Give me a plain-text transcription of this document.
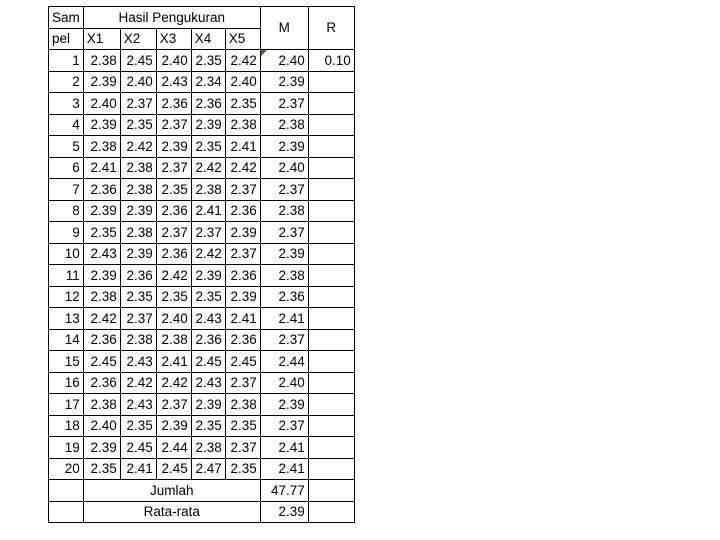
Sam	Hasil Pengukuran					M	R
pel	X1	X2	X3	X4	X5		
1	2.38	2.45	2.40	2.35	2.42	2.40	0.10
2	2.39	2.40	2.43	2.34	2.40	2.39	
3	2.40	2.37	2.36	2.36	2.35	2.37	
4	2.39	2.35	2.37	2.39	2.38	2.38	
5	2.38	2.42	2.39	2.35	2.41	2.39	
6	2.41	2.38	2.37	2.42	2.42	2.40	
7	2.36	2.38	2.35	2.38	2.37	2.37	
8	2.39	2.39	2.36	2.41	2.36	2.38	
9	2.35	2.38	2.37	2.37	2.39	2.37	
10	2.43	2.39	2.36	2.42	2.37	2.39	
11	2.39	2.36	2.42	2.39	2.36	2.38	
12	2.38	2.35	2.35	2.35	2.39	2.36	
13	2.42	2.37	2.40	2.43	2.41	2.41	
14	2.36	2.38	2.38	2.36	2.36	2.37	
15	2.45	2.43	2.41	2.45	2.45	2.44	
16	2.36	2.42	2.42	2.43	2.37	2.40	
17	2.38	2.43	2.37	2.39	2.38	2.39	
18	2.40	2.35	2.39	2.35	2.35	2.37	
19	2.39	2.45	2.44	2.38	2.37	2.41	
20	2.35	2.41	2.45	2.47	2.35	2.41	
	Jumlah					47.77	
	Rata-rata					2.39	
